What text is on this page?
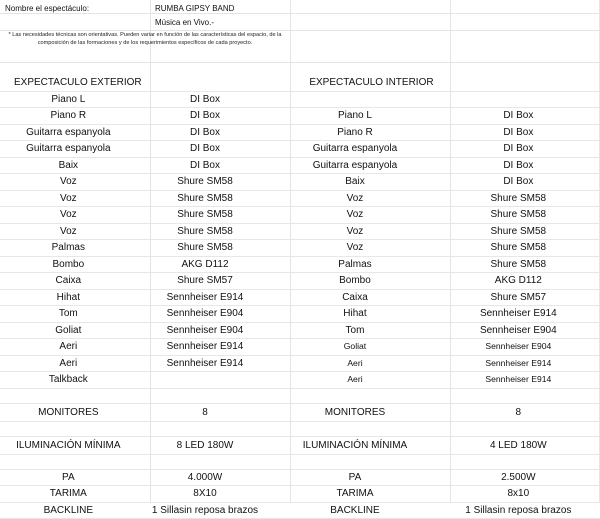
Nombre el espectáculo:	RUMBA GIPSY BAND
Música en Vivo.-
* Las necesidades técnicas son orientativas. Pueden variar en función de las características del espacio, de la composición de las formaciones y de los requerimientos específicos de cada proyecto.
EXPECTACULO EXTERIOR		EXPECTACULO INTERIOR	
Piano L	DI Box		
Piano R	DI Box	Piano L	DI Box
Guitarra espanyola	DI Box	Piano R	DI Box
Guitarra espanyola	DI Box	Guitarra espanyola	DI Box
Baix	DI Box	Guitarra espanyola	DI Box
Voz	Shure SM58	Baix	DI Box
Voz	Shure SM58	Voz	Shure SM58
Voz	Shure SM58	Voz	Shure SM58
Voz	Shure SM58	Voz	Shure SM58
Palmas	Shure SM58	Voz	Shure SM58
Bombo	AKG D112	Palmas	Shure SM58
Caixa	Shure SM57	Bombo	AKG D112
Hihat	Sennheiser E914	Caixa	Shure SM57
Tom	Sennheiser E904	Hihat	Sennheiser E914
Goliat	Sennheiser E904	Tom	Sennheiser E904
Aeri	Sennheiser E914	Goliat	Sennheiser E904
Aeri	Sennheiser E914	Aeri	Sennheiser E914
Talkback		Aeri	Sennheiser E914

MONITORES	8	MONITORES	8

ILUMINACIÓN MÍNIMA	8 LED 180W	ILUMINACIÓN MÍNIMA	4 LED 180W

PA	4.000W	PA	2.500W
TARIMA	8X10	TARIMA	8x10
BACKLINE	1 Sillasin reposa brazos	BACKLINE	1 Sillasin reposa brazos
